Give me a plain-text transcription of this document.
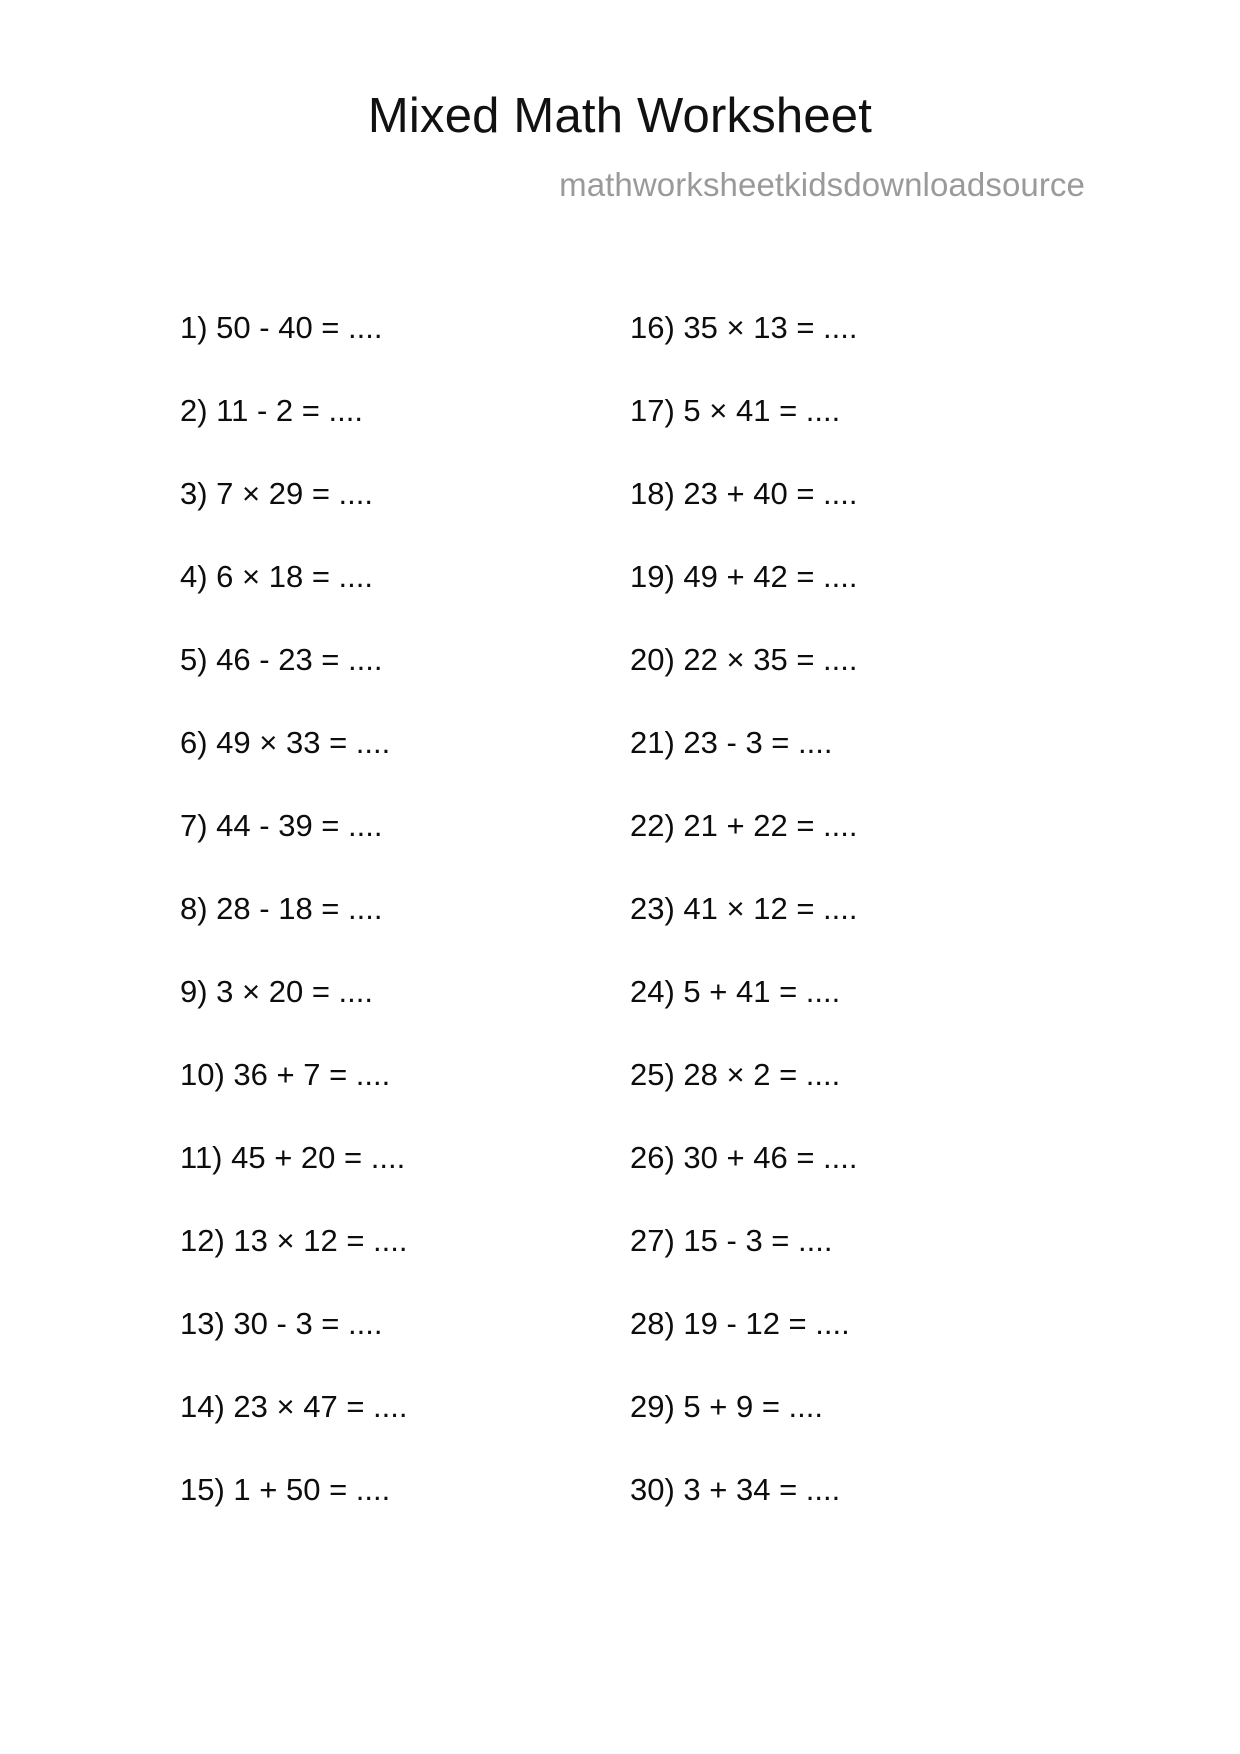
Mixed Math Worksheet
mathworksheetkidsdownloadsource
1) 50 - 40 = ....
2) 11 - 2 = ....
3) 7 × 29 = ....
4) 6 × 18 = ....
5) 46 - 23 = ....
6) 49 × 33 = ....
7) 44 - 39 = ....
8) 28 - 18 = ....
9) 3 × 20 = ....
10) 36 + 7 = ....
11) 45 + 20 = ....
12) 13 × 12 = ....
13) 30 - 3 = ....
14) 23 × 47 = ....
15) 1 + 50 = ....
16) 35 × 13 = ....
17) 5 × 41 = ....
18) 23 + 40 = ....
19) 49 + 42 = ....
20) 22 × 35 = ....
21) 23 - 3 = ....
22) 21 + 22 = ....
23) 41 × 12 = ....
24) 5 + 41 = ....
25) 28 × 2 = ....
26) 30 + 46 = ....
27) 15 - 3 = ....
28) 19 - 12 = ....
29) 5 + 9 = ....
30) 3 + 34 = ....
